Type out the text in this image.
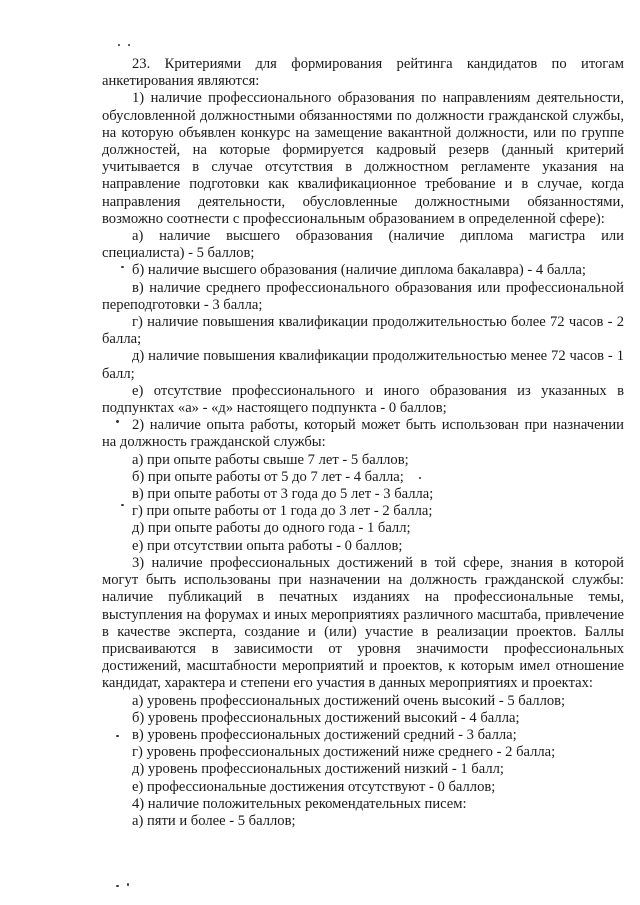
23. Критериями для формирования рейтинга кандидатов по итогам анкетирования являются:

1) наличие профессионального образования по направлениям деятельности, обусловленной должностными обязанностями по должности гражданской службы, на которую объявлен конкурс на замещение вакантной должности, или по группе должностей, на которые формируется кадровый резерв (данный критерий учитывается в случае отсутствия в должностном регламенте указания на направление подготовки как квалификационное требование и в случае, когда направления деятельности, обусловленные должностными обязанностями, возможно соотнести с профессиональным образованием в определенной сфере):

а) наличие высшего образования (наличие диплома магистра или специалиста) - 5 баллов;

б) наличие высшего образования (наличие диплома бакалавра) - 4 балла;

в) наличие среднего профессионального образования или профессиональной переподготовки - 3 балла;

г) наличие повышения квалификации продолжительностью более 72 часов - 2 балла;

д) наличие повышения квалификации продолжительностью менее 72 часов - 1 балл;

е) отсутствие профессионального и иного образования из указанных в подпунктах «а» - «д» настоящего подпункта - 0 баллов;

2) наличие опыта работы, который может быть использован при назначении на должность гражданской службы:

а) при опыте работы свыше 7 лет - 5 баллов;

б) при опыте работы от 5 до 7 лет - 4 балла;

в) при опыте работы от 3 года до 5 лет - 3 балла;

г) при опыте работы от 1 года до 3 лет - 2 балла;

д) при опыте работы до одного года - 1 балл;

е) при отсутствии опыта работы - 0 баллов;

3) наличие профессиональных достижений в той сфере, знания в которой могут быть использованы при назначении на должность гражданской службы: наличие публикаций в печатных изданиях на профессиональные темы, выступления на форумах и иных мероприятиях различного масштаба, привлечение в качестве эксперта, создание и (или) участие в реализации проектов. Баллы присваиваются в зависимости от уровня значимости профессиональных достижений, масштабности мероприятий и проектов, к которым имел отношение кандидат, характера и степени его участия в данных мероприятиях и проектах:

а) уровень профессиональных достижений очень высокий - 5 баллов;

б) уровень профессиональных достижений высокий - 4 балла;

в) уровень профессиональных достижений средний - 3 балла;

г) уровень профессиональных достижений ниже среднего - 2 балла;

д) уровень профессиональных достижений низкий - 1 балл;

е) профессиональные достижения отсутствуют - 0 баллов;

4) наличие положительных рекомендательных писем:

а) пяти и более - 5 баллов;
